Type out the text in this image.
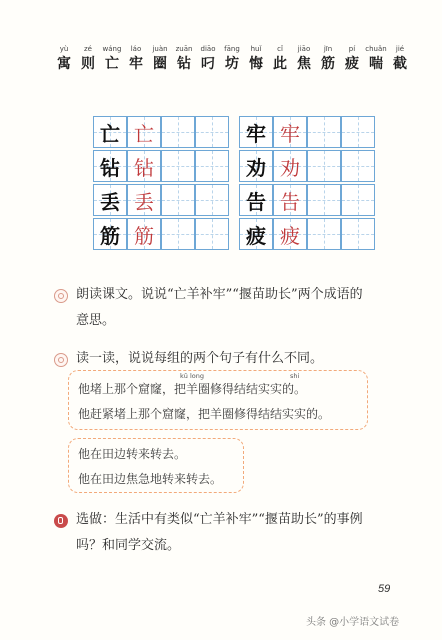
yù
寓
zé
则
wáng
亡
láo
牢
juàn
圈
zuān
钻
diāo
叼
fāng
坊
huǐ
悔
cǐ
此
jiāo
焦
jīn
筋
pí
疲
chuǎn
喘
jié
截
亡 亡
钻 钻
丢 丢
筋 筋
牢 牢
劝 劝
告 告
疲 疲
朗读课文。说说“亡羊补牢”“揠苗助长”两个成语的
意思。
读一读，说说每组的两个句子有什么不同。
kū long	shi
他堵上那个窟窿，把羊圈修得结结实实的。
他赶紧堵上那个窟窿，把羊圈修得结结实实的。
他在田边转来转去。
他在田边焦急地转来转去。
选做：生活中有类似“亡羊补牢”“揠苗助长”的事例
吗？和同学交流。
59
头条 @小学语文试卷
